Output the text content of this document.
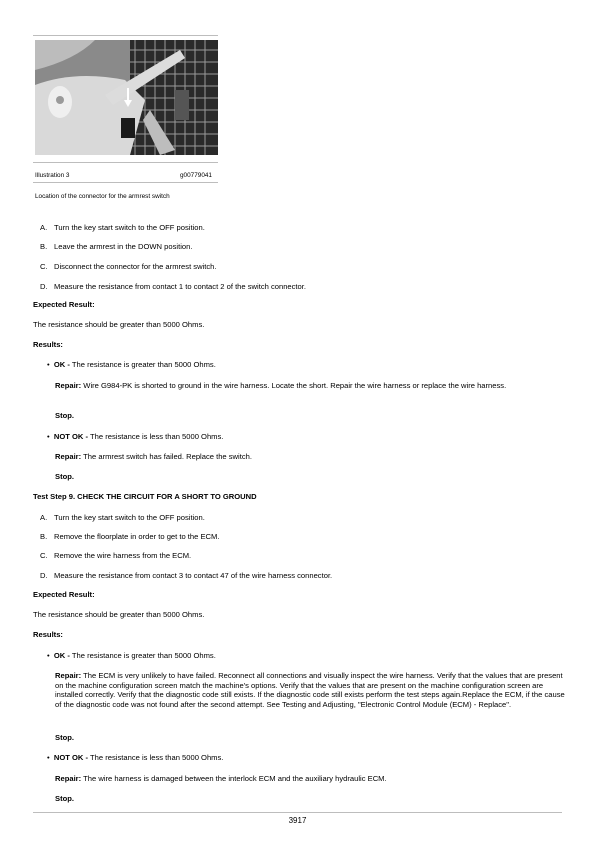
Illustration 3	g00779041
Location of the connector for the armrest switch
A. Turn the key start switch to the OFF position.
B. Leave the armrest in the DOWN position.
C. Disconnect the connector for the armrest switch.
D. Measure the resistance from contact 1 to contact 2 of the switch connector.
Expected Result:
The resistance should be greater than 5000 Ohms.
Results:
•  OK - The resistance is greater than 5000 Ohms.
Repair: Wire G984-PK is shorted to ground in the wire harness. Locate the short. Repair the wire harness or replace the wire harness.
Stop.
•  NOT OK - The resistance is less than 5000 Ohms.
Repair: The armrest switch has failed. Replace the switch.
Stop.
Test Step 9. CHECK THE CIRCUIT FOR A SHORT TO GROUND
A. Turn the key start switch to the OFF position.
B. Remove the floorplate in order to get to the ECM.
C. Remove the wire harness from the ECM.
D. Measure the resistance from contact 3 to contact 47 of the wire harness connector.
Expected Result:
The resistance should be greater than 5000 Ohms.
Results:
•  OK - The resistance is greater than 5000 Ohms.
Repair: The ECM is very unlikely to have failed. Reconnect all connections and visually inspect the wire harness. Verify that the values that are present on the machine configuration screen match the machine's options. Verify that the values that are present on the machine configuration screen are installed correctly. Verify that the diagnostic code still exists. If the diagnostic code still exists perform the test steps again.Replace the ECM, if the cause of the diagnostic code was not found after the second attempt. See Testing and Adjusting, "Electronic Control Module (ECM) - Replace".
Stop.
•  NOT OK - The resistance is less than 5000 Ohms.
Repair: The wire harness is damaged between the interlock ECM and the auxiliary hydraulic ECM.
Stop.
3917
